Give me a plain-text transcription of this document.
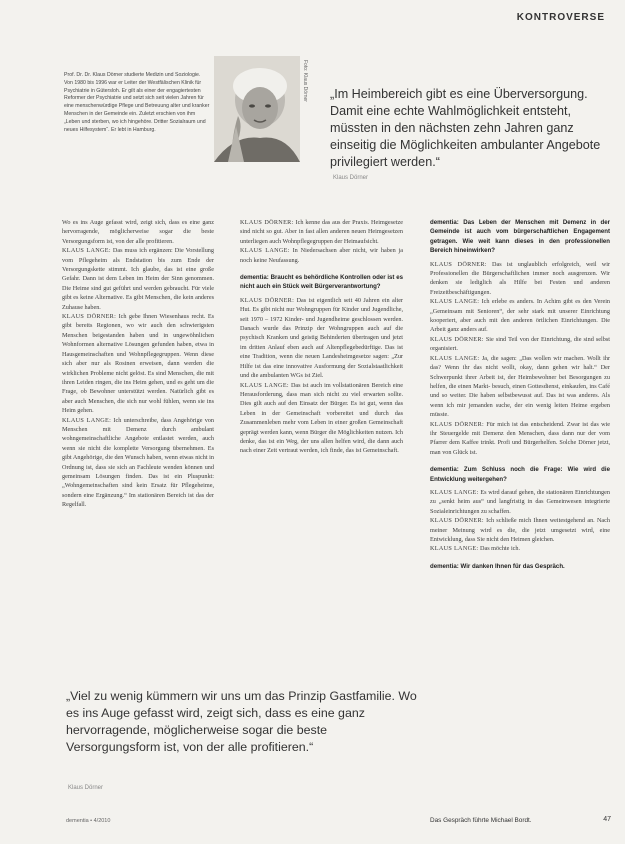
KONTROVERSE
Prof. Dr. Dr. Klaus Dörner studierte Medizin und Soziologie. Von 1980 bis 1996 war er Leiter der Westfälischen Klinik für Psychiatrie in Gütersloh. Er gilt als einer der engagiertesten Reformer der Psychiatrie und setzt sich seit vielen Jahren für eine menschenwürdige Pflege und Betreuung alter und kranker Menschen in der Gemeinde ein. Zuletzt erschien von ihm „Leben und sterben, wo ich hingehöre. Dritter Sozialraum und neues Hilfesystem“. Er lebt in Hamburg.
Foto: Klaus Dörner „Im Heimbereich gibt es eine Überversorgung. Damit eine echte Wahlmöglichkeit entsteht, müssten in den nächsten zehn Jahren ganz einseitig die Möglichkeiten ambulanter Angebote privilegiert werden.“
Klaus Dörner

Wo es ins Auge gefasst wird, zeigt sich, dass es eine ganz hervorragende, möglicherweise sogar die beste Versorgungsform ist, von der alle profitieren.

KLAUS LANGE: Das muss ich ergänzen: Die Vorstellung vom Pflegeheim als Endstation bis zum Ende der Versorgungskette stimmt. Ich glaube, das ist eine große Gefahr. Dann ist dem Leben im Heim der Sinn genommen. Die Heime sind gut geführt und werden gebraucht. Für viele gibt es keine Alternative. Es gibt Menschen, die kein anderes Zuhause haben.

KLAUS DÖRNER: Ich gebe Ihnen Wiesenhaus recht. Es gibt bereits Regionen, wo wir auch den schwierigsten Menschen beigestanden haben und in ungewöhnlichen Wohnformen alternative Lösungen gefunden haben, etwa in Hausgemeinschaften und Wohnpflegegruppen. Wenn diese sich aber nur als Rosinen erweisen, dann werden die wirklichen Probleme nicht gelöst. Es sind Menschen, die mit ihren Leiden ringen, die ins Heim gehen, und es geht um die Frage, ob Bewohner unterstützt werden. Natürlich gibt es aber auch Menschen, die sich nur wohl fühlen, wenn sie ins Heim gehen.

KLAUS LANGE: Ich unterschreibe, dass Angehörige von Menschen mit Demenz durch ambulant wohngemeinschaftliche Angebote entlastet werden, auch wenn sie nicht die komplette Versorgung übernehmen. Es gibt Angehörige, die den Wunsch haben, wenn etwas nicht in Ordnung ist, dass sie sich an Fachleute wenden können und gemeinsam Lösungen finden. Das ist ein Pluspunkt: „Wohngemeinschaften sind kein Ersatz für Pflegeheime, sondern eine Ergänzung.“ Im stationären Bereich ist das der Regelfall.

KLAUS DÖRNER: Ich kenne das aus der Praxis. Heimgesetze sind nicht so gut. Aber in fast allen anderen neuen Heimgesetzen unterliegen auch Wohnpflegegruppen der Heimaufsicht.

KLAUS LANGE: In Niedersachsen aber nicht, wir haben ja noch keine Neufassung.

dementia: Braucht es behördliche Kontrollen oder ist es nicht auch ein Stück weit Bürgerverantwortung?

KLAUS DÖRNER: Das ist eigentlich seit 40 Jahren ein alter Hut. Es gibt nicht nur Wohngruppen für Kinder und Jugendliche, seit 1970 – 1972 Kinder- und Jugendheime geschlossen werden. Danach wurde das Prinzip der Wohngruppen auch auf die psychisch Kranken und geistig Behinderten übertragen und jetzt im dritten Anlauf eben auch auf Altenpflegebedürftige. Das ist eine Tradition, wenn die neuen Landesheimgesetze sagen: „Zur Hilfe ist das eine innovative Ausformung der Sozialstaatlichkeit und die ambulanten WGs ist Ziel.

KLAUS LANGE: Das ist auch im vollstationären Bereich eine Herausforderung, dass man sich nicht zu viel erwarten sollte. Dies gilt auch auf den Einsatz der Bürger. Es ist gut, wenn das Leben in der Gemeinschaft vorbereitet und durch das Zusammenleben mehr vom Leben in einer großen Gemeinschaft geprägt werden kann, wenn Bürger die Möglichkeiten nutzen. Ich denke, das ist ein Weg, der uns allen helfen wird, die dann auch nach einer Zeit vertraut werden, ich finde, das ist Gemeinschaft.

dementia: Das Leben der Menschen mit Demenz in der Gemeinde ist auch vom bürgerschaftlichen Engagement getragen. Wie weit kann dieses in den professionellen Bereich hineinwirken?

KLAUS DÖRNER: Das ist unglaublich erfolgreich, weil wir Professionellen die Bürgerschaftlichen immer noch ausgrenzen. Wir denken sie lediglich als Hilfe bei Festen und anderen Freizeitbeschäftigungen.

KLAUS LANGE: Ich erlebe es anders. In Achim gibt es den Verein „Gemeinsam mit Senioren“, der sehr stark mit unserer Einrichtung kooperiert, aber auch mit den anderen örtlichen Einrichtungen. Die Arbeit ganz anders auf.

KLAUS DÖRNER: Sie sind Teil von der Einrichtung, die sind selbst organisiert.

KLAUS LANGE: Ja, die sagen: „Das wollen wir machen. Wollt ihr das? Wenn ihr das nicht wollt, okay, dann gehen wir halt.“ Der Schwerpunkt ihrer Arbeit ist, der Heimbewohner bei Besorgungen zu helfen, die einen Markt- besuch, einen Gottesdienst, einkaufen, ins Café und so weiter. Die haben selbstbewusst auf. Das ist was anderes. Als wenn ich mir jemanden suche, der ein wenig leiten Heime ergeben müsste.

KLAUS DÖRNER: Für mich ist das entscheidend. Zwar ist das wie ihr Steuergelde mit Demenz den Menschen, dass dann nur der vom Pfarrer dem Kaffee trinkt. Profi und Bürgerhelfen. Solche Dörner jetzt, man von Glück ist.

dementia: Zum Schluss noch die Frage: Wie wird die Entwicklung weitergehen?

KLAUS LANGE: Es wird darauf gehen, die stationären Einrichtungen zu „senkt heim aus“ und langfristig in das Gemeinwesen integrierte Sozialeinrichtungen zu schaffen.

KLAUS DÖRNER: Ich schließe mich Ihnen weitestgehend an. Nach meiner Meinung wird es die, die jetzt umgesetzt wird, eine Entwicklung, dass Sie nicht den Heimen gleichen.

KLAUS LANGE: Das möchte ich.

dementia: Wir danken Ihnen für das Gespräch.

„Viel zu wenig kümmern wir uns um das Prinzip Gastfamilie. Wo es ins Auge gefasst wird, zeigt sich, dass es eine ganz hervorragende, möglicherweise sogar die beste Versorgungsform ist, von der alle profitieren.“
Klaus Dörner
dementia • 4/2010	Das Gespräch führte Michael Bordt.	47
